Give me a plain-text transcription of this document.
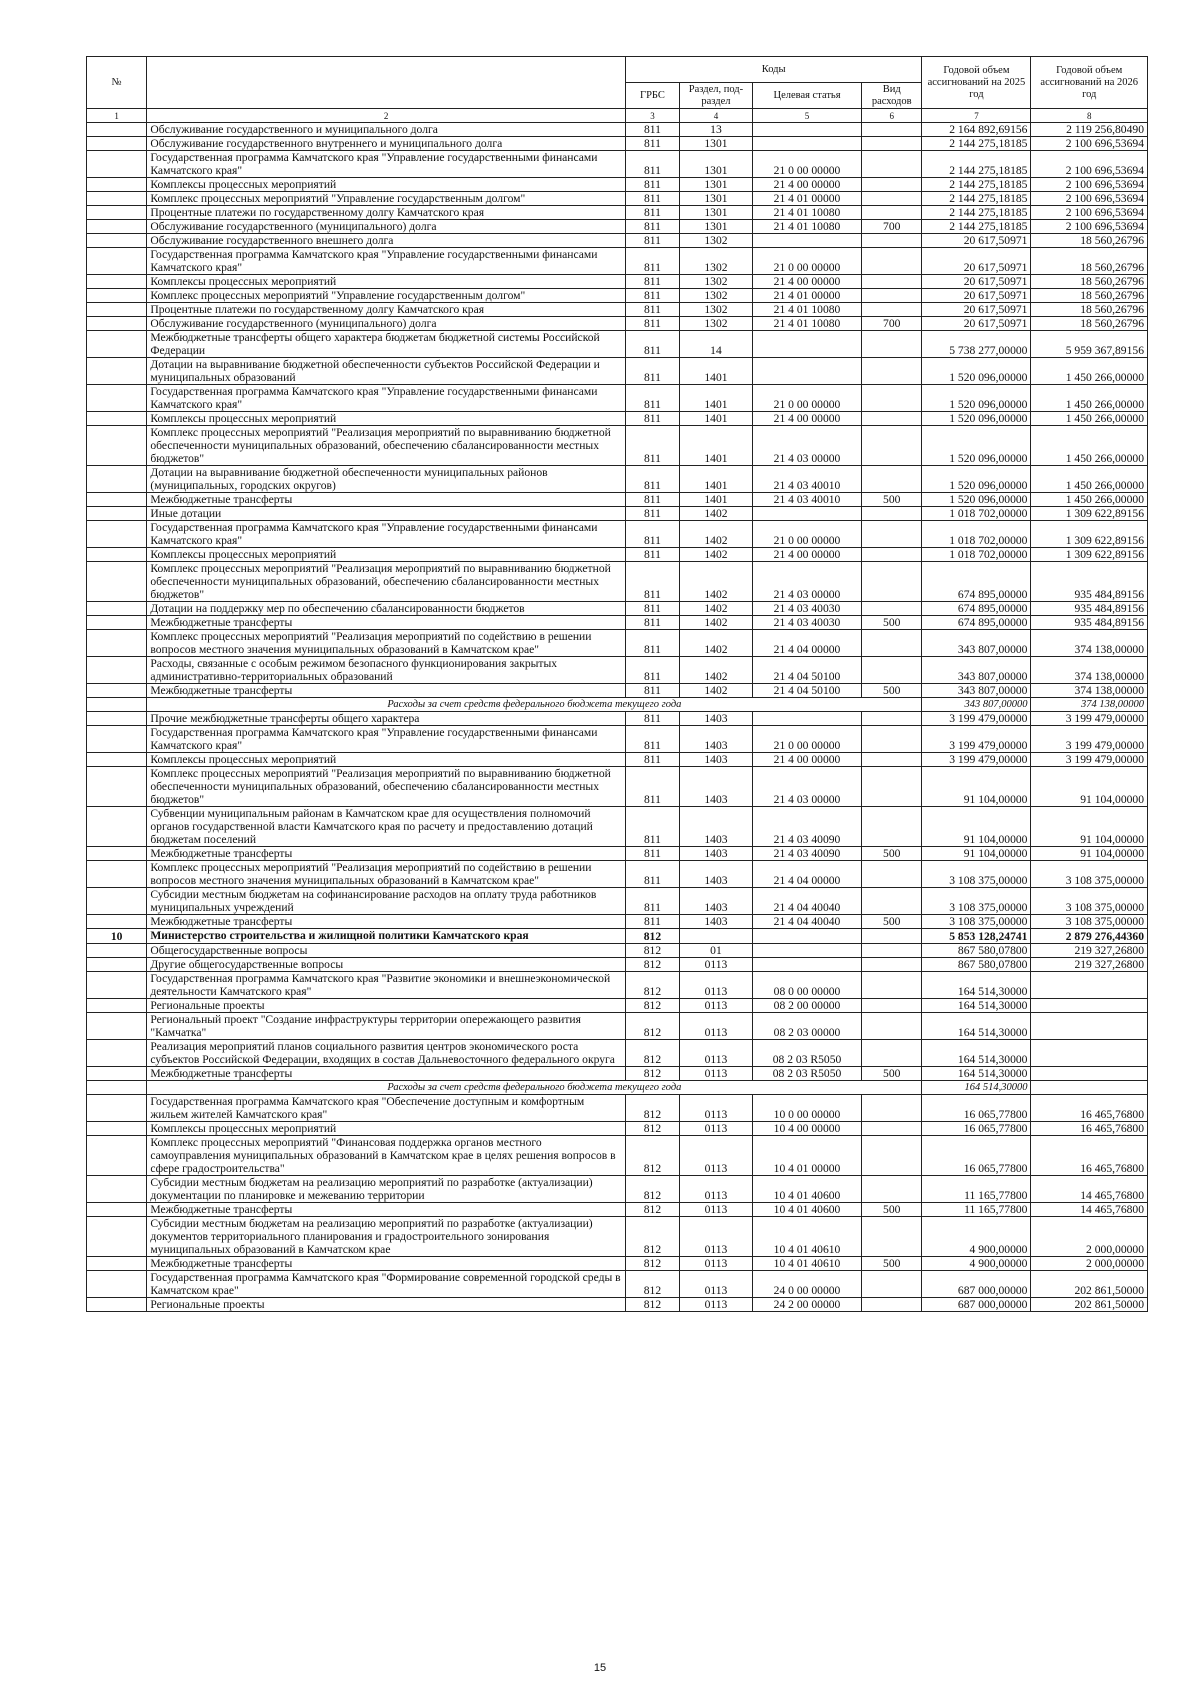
№		Коды				Годовой объем ассигнований на 2025 год	Годовой объем ассигнований на 2026 год
		ГРБС	Раздел, под-раздел	Целевая статья	Вид расходов		
1	2	3	4	5	6	7	8
	Обслуживание государственного и муниципального долга	811	13			2 164 892,69156	2 119 256,80490
	Обслуживание государственного внутреннего и муниципального долга	811	1301			2 144 275,18185	2 100 696,53694
	Государственная программа Камчатского края "Управление государственными финансами Камчатского края"	811	1301	21 0 00 00000		2 144 275,18185	2 100 696,53694
	Комплексы процессных мероприятий	811	1301	21 4 00 00000		2 144 275,18185	2 100 696,53694
	Комплекс процессных мероприятий "Управление государственным долгом"	811	1301	21 4 01 00000		2 144 275,18185	2 100 696,53694
	Процентные платежи по государственному долгу Камчатского края	811	1301	21 4 01 10080		2 144 275,18185	2 100 696,53694
	Обслуживание государственного (муниципального) долга	811	1301	21 4 01 10080	700	2 144 275,18185	2 100 696,53694
	Обслуживание государственного внешнего долга	811	1302			20 617,50971	18 560,26796
	Государственная программа Камчатского края "Управление государственными финансами Камчатского края"	811	1302	21 0 00 00000		20 617,50971	18 560,26796
	Комплексы процессных мероприятий	811	1302	21 4 00 00000		20 617,50971	18 560,26796
	Комплекс процессных мероприятий "Управление государственным долгом"	811	1302	21 4 01 00000		20 617,50971	18 560,26796
	Процентные платежи по государственному долгу Камчатского края	811	1302	21 4 01 10080		20 617,50971	18 560,26796
	Обслуживание государственного (муниципального) долга	811	1302	21 4 01 10080	700	20 617,50971	18 560,26796
	Межбюджетные трансферты общего характера бюджетам бюджетной системы Российской Федерации	811	14			5 738 277,00000	5 959 367,89156
	Дотации на выравнивание бюджетной обеспеченности субъектов Российской Федерации и муниципальных образований	811	1401			1 520 096,00000	1 450 266,00000
	Государственная программа Камчатского края "Управление государственными финансами Камчатского края"	811	1401	21 0 00 00000		1 520 096,00000	1 450 266,00000
	Комплексы процессных мероприятий	811	1401	21 4 00 00000		1 520 096,00000	1 450 266,00000
	Комплекс процессных мероприятий "Реализация мероприятий по выравниванию бюджетной обеспеченности муниципальных образований, обеспечению сбалансированности местных бюджетов"	811	1401	21 4 03 00000		1 520 096,00000	1 450 266,00000
	Дотации на выравнивание бюджетной обеспеченности муниципальных районов (муниципальных, городских округов)	811	1401	21 4 03 40010		1 520 096,00000	1 450 266,00000
	Межбюджетные трансферты	811	1401	21 4 03 40010	500	1 520 096,00000	1 450 266,00000
	Иные дотации	811	1402			1 018 702,00000	1 309 622,89156
	Государственная программа Камчатского края "Управление государственными финансами Камчатского края"	811	1402	21 0 00 00000		1 018 702,00000	1 309 622,89156
	Комплексы процессных мероприятий	811	1402	21 4 00 00000		1 018 702,00000	1 309 622,89156
	Комплекс процессных мероприятий "Реализация мероприятий по выравниванию бюджетной обеспеченности муниципальных образований, обеспечению сбалансированности местных бюджетов"	811	1402	21 4 03 00000		674 895,00000	935 484,89156
	Дотации на поддержку мер по обеспечению сбалансированности бюджетов	811	1402	21 4 03 40030		674 895,00000	935 484,89156
	Межбюджетные трансферты	811	1402	21 4 03 40030	500	674 895,00000	935 484,89156
	Комплекс процессных мероприятий "Реализация мероприятий по содействию в решении вопросов местного значения муниципальных образований в Камчатском крае"	811	1402	21 4 04 00000		343 807,00000	374 138,00000
	Расходы, связанные с особым режимом безопасного функционирования закрытых административно-территориальных образований	811	1402	21 4 04 50100		343 807,00000	374 138,00000
	Межбюджетные трансферты	811	1402	21 4 04 50100	500	343 807,00000	374 138,00000
	Расходы за счет средств федерального бюджета текущего года					343 807,00000	374 138,00000
	Прочие межбюджетные трансферты общего характера	811	1403			3 199 479,00000	3 199 479,00000
	Государственная программа Камчатского края "Управление государственными финансами Камчатского края"	811	1403	21 0 00 00000		3 199 479,00000	3 199 479,00000
	Комплексы процессных мероприятий	811	1403	21 4 00 00000		3 199 479,00000	3 199 479,00000
	Комплекс процессных мероприятий "Реализация мероприятий по выравниванию бюджетной обеспеченности муниципальных образований, обеспечению сбалансированности местных бюджетов"	811	1403	21 4 03 00000		91 104,00000	91 104,00000
	Субвенции муниципальным районам в Камчатском крае для осуществления полномочий органов государственной власти Камчатского края по расчету и предоставлению дотаций бюджетам поселений	811	1403	21 4 03 40090		91 104,00000	91 104,00000
	Межбюджетные трансферты	811	1403	21 4 03 40090	500	91 104,00000	91 104,00000
	Комплекс процессных мероприятий "Реализация мероприятий по содействию в решении вопросов местного значения муниципальных образований в Камчатском крае"	811	1403	21 4 04 00000		3 108 375,00000	3 108 375,00000
	Субсидии местным бюджетам на софинансирование расходов на оплату труда работников муниципальных учреждений	811	1403	21 4 04 40040		3 108 375,00000	3 108 375,00000
	Межбюджетные трансферты	811	1403	21 4 04 40040	500	3 108 375,00000	3 108 375,00000
10	Министерство строительства и жилищной политики Камчатского края	812				5 853 128,24741	2 879 276,44360
	Общегосударственные вопросы	812	01			867 580,07800	219 327,26800
	Другие общегосударственные вопросы	812	0113			867 580,07800	219 327,26800
	Государственная программа Камчатского края "Развитие экономики и внешнеэкономической деятельности Камчатского края"	812	0113	08 0 00 00000		164 514,30000	
	Региональные проекты	812	0113	08 2 00 00000		164 514,30000	
	Региональный проект "Создание инфраструктуры территории опережающего развития "Камчатка"	812	0113	08 2 03 00000		164 514,30000	
	Реализация мероприятий планов социального развития центров экономического роста субъектов Российской Федерации, входящих в состав Дальневосточного федерального округа	812	0113	08 2 03 R5050		164 514,30000	
	Межбюджетные трансферты	812	0113	08 2 03 R5050	500	164 514,30000	
	Расходы за счет средств федерального бюджета текущего года					164 514,30000	
	Государственная программа Камчатского края "Обеспечение доступным и комфортным жильем жителей Камчатского края"	812	0113	10 0 00 00000		16 065,77800	16 465,76800
	Комплексы процессных мероприятий	812	0113	10 4 00 00000		16 065,77800	16 465,76800
	Комплекс процессных мероприятий "Финансовая поддержка органов местного самоуправления муниципальных образований в Камчатском крае в целях решения вопросов в сфере градостроительства"	812	0113	10 4 01 00000		16 065,77800	16 465,76800
	Субсидии местным бюджетам на реализацию мероприятий по разработке (актуализации) документации по планировке и межеванию территории	812	0113	10 4 01 40600		11 165,77800	14 465,76800
	Межбюджетные трансферты	812	0113	10 4 01 40600	500	11 165,77800	14 465,76800
	Субсидии местным бюджетам на реализацию мероприятий по разработке (актуализации) документов территориального планирования и градостроительного зонирования муниципальных образований в Камчатском крае	812	0113	10 4 01 40610		4 900,00000	2 000,00000
	Межбюджетные трансферты	812	0113	10 4 01 40610	500	4 900,00000	2 000,00000
	Государственная программа Камчатского края "Формирование современной городской среды в Камчатском крае"	812	0113	24 0 00 00000		687 000,00000	202 861,50000
	Региональные проекты	812	0113	24 2 00 00000		687 000,00000	202 861,50000
15
